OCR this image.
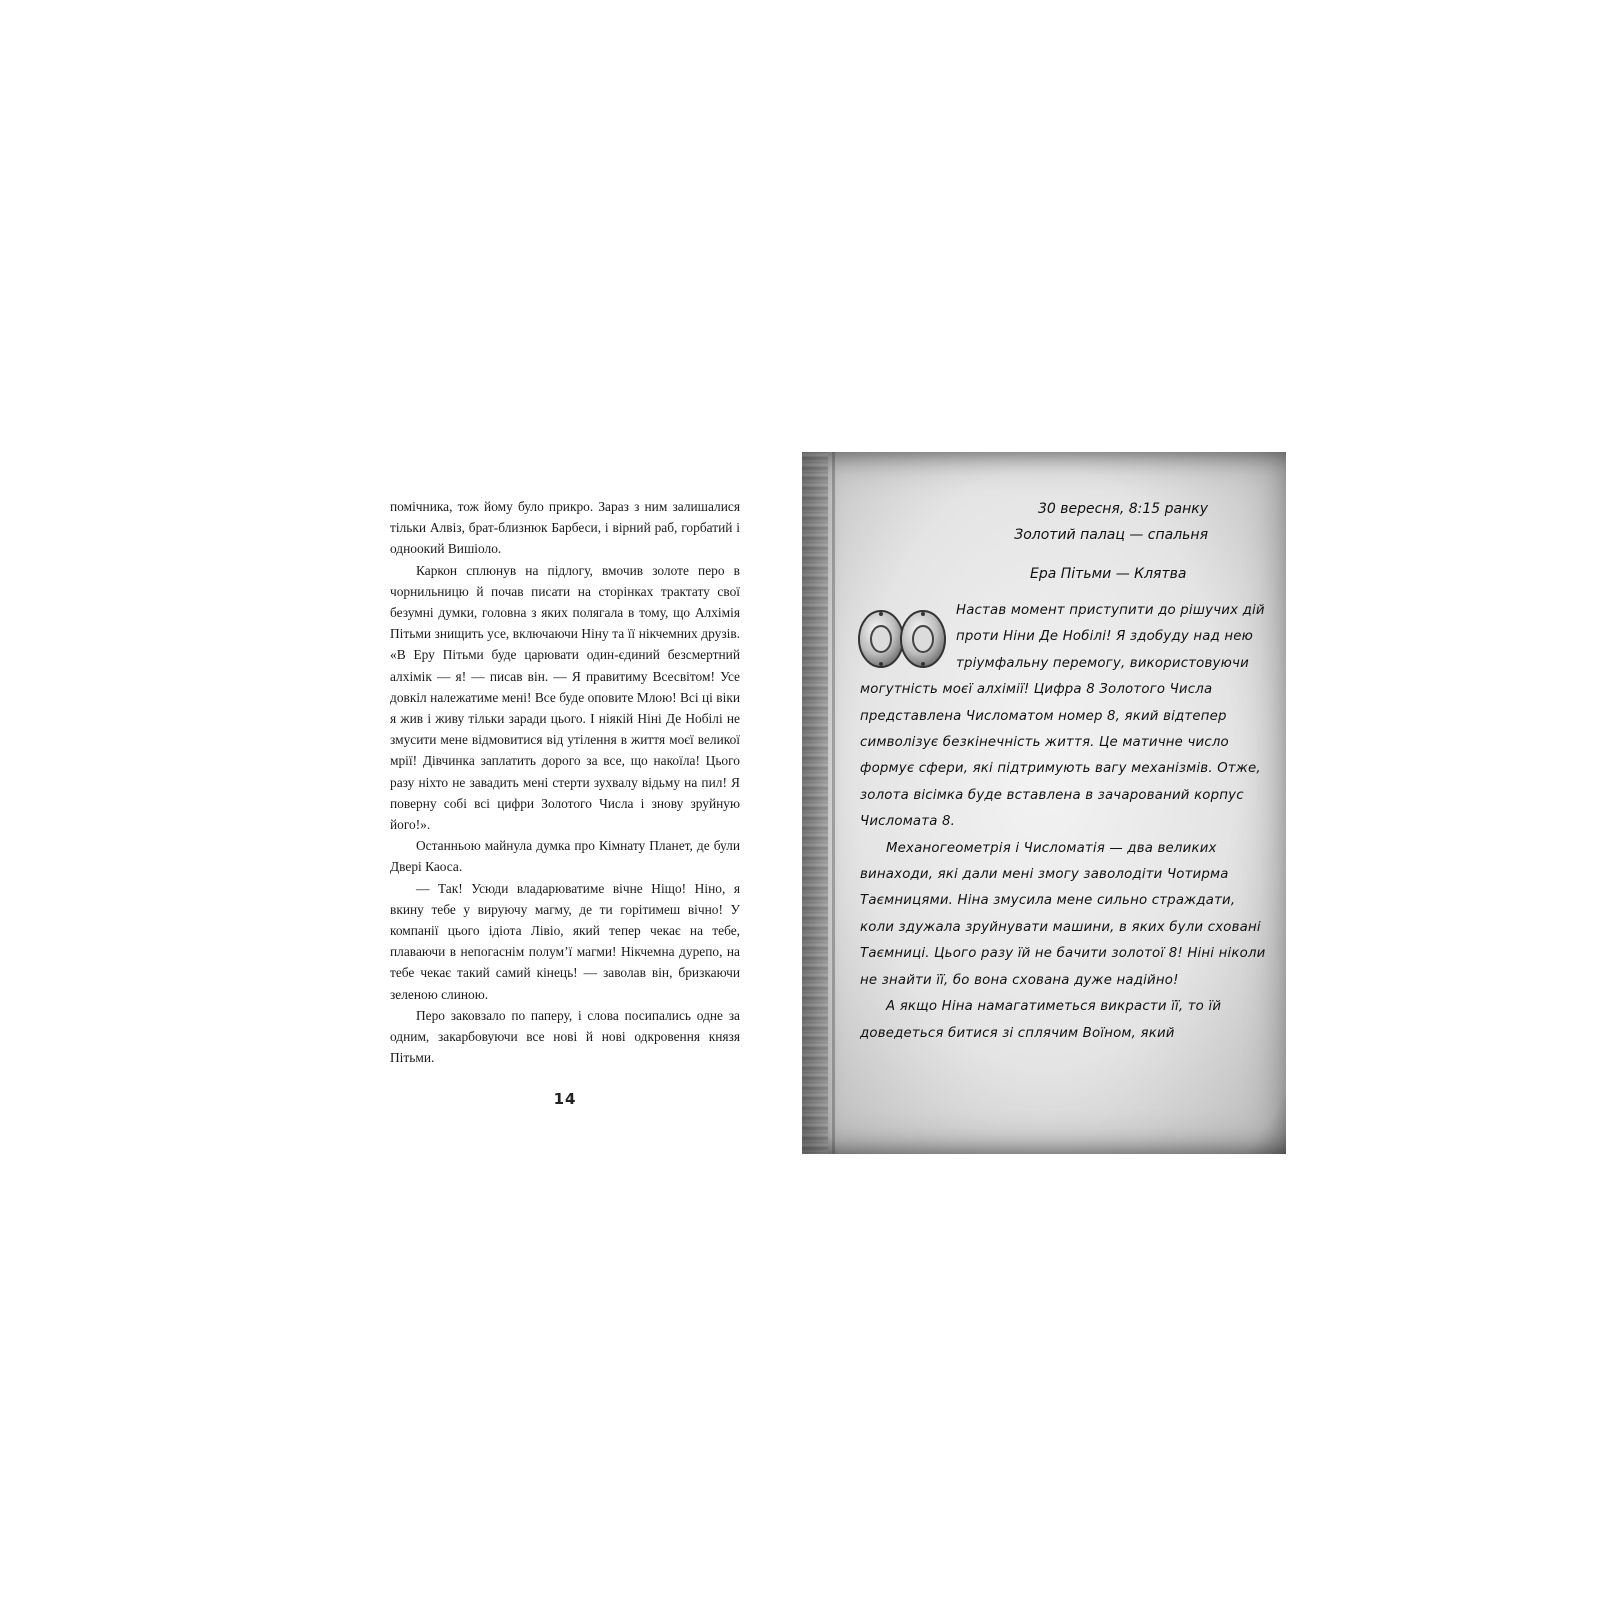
помічника, тож йому було прикро. Зараз з ним залишалися тільки Алвіз, брат-близнюк Барбеси, і вірний раб, горбатий і одноокий Вишіоло.

Каркон сплюнув на підлогу, вмочив золоте перо в чорнильницю й почав писати на сторінках трактату свої безумні думки, головна з яких полягала в тому, що Алхімія Пітьми знищить усе, включаючи Ніну та її нікчемних друзів. «В Еру Пітьми буде царювати один-єдиний безсмертний алхімік — я! — писав він. — Я правитиму Всесвітом! Усе довкіл належатиме мені! Все буде оповите Млою! Всі ці віки я жив і живу тільки заради цього. І ніякій Ніні Де Нобілі не змусити мене відмовитися від утілення в життя моєї великої мрії! Дівчинка заплатить дорого за все, що накоїла! Цього разу ніхто не завадить мені стерти зухвалу відьму на пил! Я поверну собі всі цифри Золотого Числа і знову зруйную його!».

Останньою майнула думка про Кімнату Планет, де були Двері Каоса.

— Так! Усюди владарюватиме вічне Ніщо! Ніно, я вкину тебе у вируючу магму, де ти горітимеш вічно! У компанії цього ідіота Лівіо, який тепер чекає на тебе, плаваючи в непогаснім полум’ї магми! Нікчемна дурепо, на тебе чекає такий самий кінець! — заволав він, бризкаючи зеленою слиною.

Перо заковзало по паперу, і слова посипались одне за одним, закарбовуючи все нові й нові одкровення князя Пітьми.

14
30 вересня, 8:15 ранку
Золотий палац — спальня
Ера Пітьми — Клятва

Настав момент приступити до рішучих дій проти Ніни Де Нобілі! Я здобуду над нею тріумфальну перемогу, використовуючи могутність моєї алхімії! Цифра 8 Золотого Числа представлена Числоматом номер 8, який відтепер символізує безкінечність життя. Це матичне число формує сфери, які підтримують вагу механізмів. Отже, золота вісімка буде вставлена в зачарований корпус Числомата 8.

Механогеометрія і Числоматія — два великих винаходи, які дали мені змогу заволодіти Чотирма Таємницями. Ніна змусила мене сильно страждати, коли здужала зруйнувати машини, в яких були сховані Таємниці. Цього разу їй не бачити золотої 8! Ніні ніколи не знайти її, бо вона схована дуже надійно!

А якщо Ніна намагатиметься викрасти її, то їй доведеться битися зі сплячим Воїном, який
